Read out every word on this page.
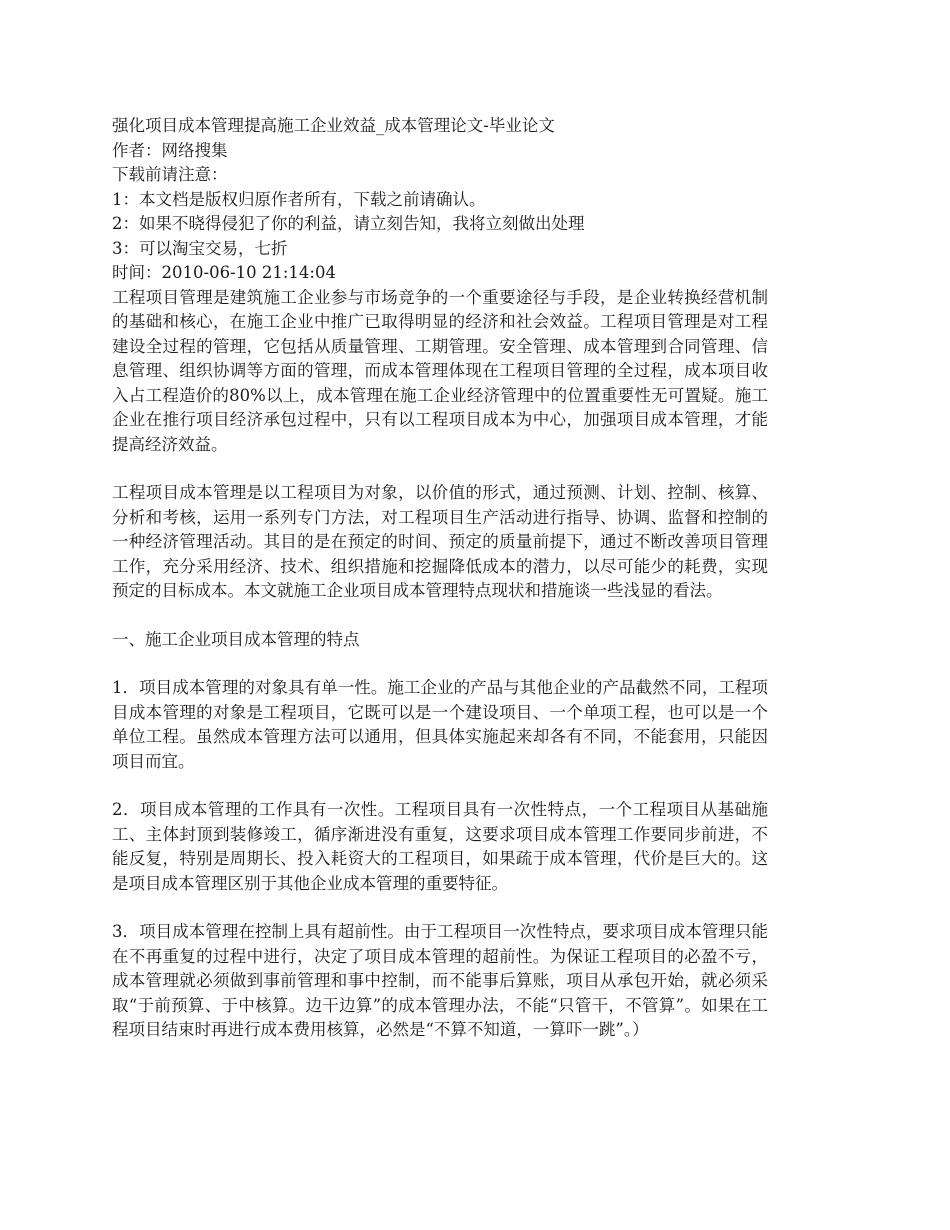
强化项目成本管理提高施工企业效益_成本管理论文-毕业论文
作者：网络搜集
下载前请注意：
1：本文档是版权归原作者所有，下载之前请确认。
2：如果不晓得侵犯了你的利益，请立刻告知，我将立刻做出处理
3：可以淘宝交易，七折
时间：2010-06-10 21:14:04

工程项目管理是建筑施工企业参与市场竞争的一个重要途径与手段，是企业转换经营机制的基础和核心，在施工企业中推广已取得明显的经济和社会效益。工程项目管理是对工程建设全过程的管理，它包括从质量管理、工期管理。安全管理、成本管理到合同管理、信息管理、组织协调等方面的管理，而成本管理体现在工程项目管理的全过程，成本项目收入占工程造价的80%以上，成本管理在施工企业经济管理中的位置重要性无可置疑。施工企业在推行项目经济承包过程中，只有以工程项目成本为中心，加强项目成本管理，才能提高经济效益。

工程项目成本管理是以工程项目为对象，以价值的形式，通过预测、计划、控制、核算、分析和考核，运用一系列专门方法，对工程项目生产活动进行指导、协调、监督和控制的一种经济管理活动。其目的是在预定的时间、预定的质量前提下，通过不断改善项目管理工作，充分采用经济、技术、组织措施和挖掘降低成本的潜力，以尽可能少的耗费，实现预定的目标成本。本文就施工企业项目成本管理特点现状和措施谈一些浅显的看法。

一、施工企业项目成本管理的特点

1．项目成本管理的对象具有单一性。施工企业的产品与其他企业的产品截然不同，工程项目成本管理的对象是工程项目，它既可以是一个建设项目、一个单项工程，也可以是一个单位工程。虽然成本管理方法可以通用，但具体实施起来却各有不同，不能套用，只能因项目而宜。

2．项目成本管理的工作具有一次性。工程项目具有一次性特点，一个工程项目从基础施工、主体封顶到装修竣工，循序渐进没有重复，这要求项目成本管理工作要同步前进，不能反复，特别是周期长、投入耗资大的工程项目，如果疏于成本管理，代价是巨大的。这是项目成本管理区别于其他企业成本管理的重要特征。

3．项目成本管理在控制上具有超前性。由于工程项目一次性特点，要求项目成本管理只能在不再重复的过程中进行，决定了项目成本管理的超前性。为保证工程项目的必盈不亏，成本管理就必须做到事前管理和事中控制，而不能事后算账，项目从承包开始，就必须采取“于前预算、于中核算。边干边算”的成本管理办法，不能“只管干，不管算”。如果在工程项目结束时再进行成本费用核算，必然是“不算不知道，一算吓一跳”。）
